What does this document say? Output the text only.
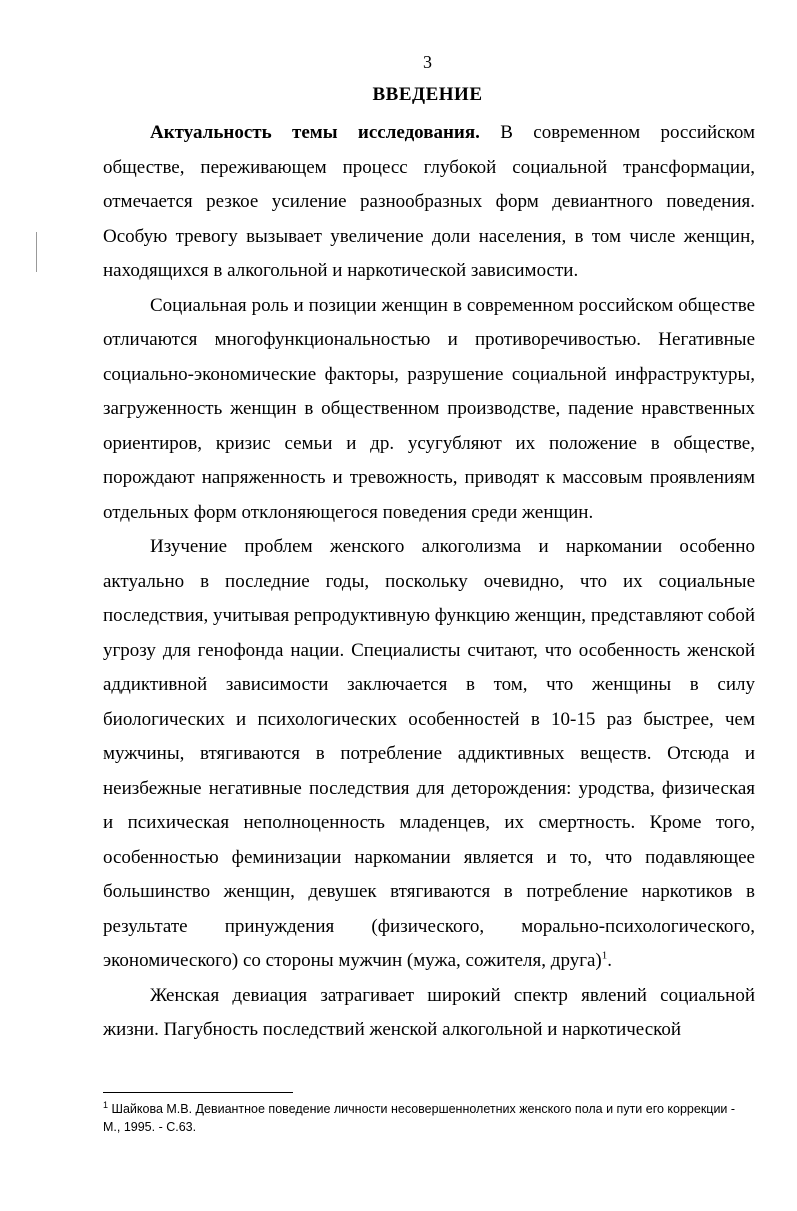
3
ВВЕДЕНИЕ

Актуальность темы исследования. В современном российском обществе, переживающем процесс глубокой социальной трансформации, отмечается резкое усиление разнообразных форм девиантного поведения. Особую тревогу вызывает увеличение доли населения, в том числе женщин, находящихся в алкогольной и наркотической зависимости.

Социальная роль и позиции женщин в современном российском обществе отличаются многофункциональностью и противоречивостью. Негативные социально-экономические факторы, разрушение социальной инфраструктуры, загруженность женщин в общественном производстве, падение нравственных ориентиров, кризис семьи и др. усугубляют их положение в обществе, порождают напряженность и тревожность, приводят к массовым проявлениям отдельных форм отклоняющегося поведения среди женщин.

Изучение проблем женского алкоголизма и наркомании особенно актуально в последние годы, поскольку очевидно, что их социальные последствия, учитывая репродуктивную функцию женщин, представляют собой угрозу для генофонда нации. Специалисты считают, что особенность женской аддиктивной зависимости заключается в том, что женщины в силу биологических и психологических особенностей в 10-15 раз быстрее, чем мужчины, втягиваются в потребление аддиктивных веществ. Отсюда и неизбежные негативные последствия для деторождения: уродства, физическая и психическая неполноценность младенцев, их смертность. Кроме того, особенностью феминизации наркомании является и то, что подавляющее большинство женщин, девушек втягиваются в потребление наркотиков в результате принуждения (физического, морально-психологического, экономического) со стороны мужчин (мужа, сожителя, друга)$^1$.

Женская девиация затрагивает широкий спектр явлений социальной жизни. Пагубность последствий женской алкогольной и наркотической

$^1$ Шайкова М.В. Девиантное поведение личности несовершеннолетних женского пола и пути его коррекции - М., 1995. - С.63.
